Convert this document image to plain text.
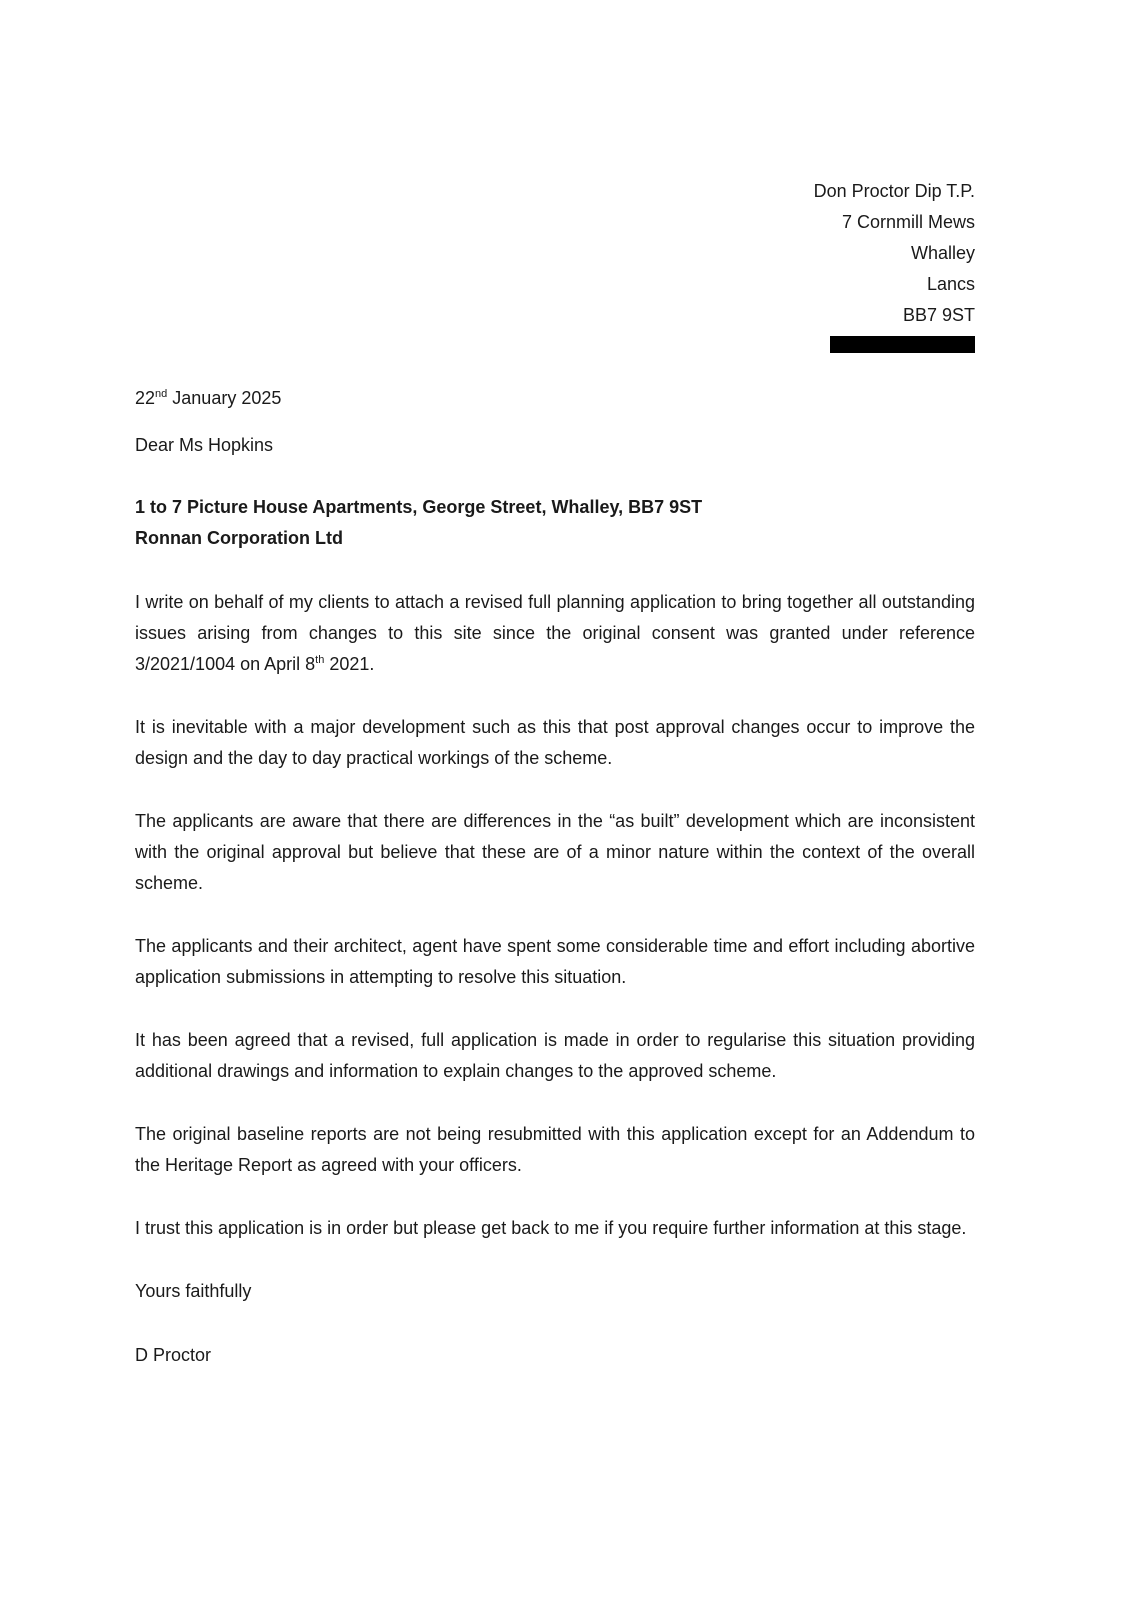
Don Proctor Dip T.P.
7 Cornmill Mews
Whalley
Lancs
BB7 9ST
22nd January 2025

Dear Ms Hopkins

1 to 7 Picture House Apartments, George Street, Whalley, BB7 9ST
Ronnan Corporation Ltd

I write on behalf of my clients to attach a revised full planning application to bring together all outstanding issues arising from changes to this site since the original consent was granted under reference 3/2021/1004 on April 8th 2021.

It is inevitable with a major development such as this that post approval changes occur to improve the design and the day to day practical workings of the scheme.

The applicants are aware that there are differences in the “as built” development which are inconsistent with the original approval but believe that these are of a minor nature within the context of the overall scheme.

The applicants and their architect, agent have spent some considerable time and effort including abortive application submissions in attempting to resolve this situation.

It has been agreed that a revised, full application is made in order to regularise this situation providing additional drawings and information to explain changes to the approved scheme.

The original baseline reports are not being resubmitted with this application except for an Addendum to the Heritage Report as agreed with your officers.

I trust this application is in order but please get back to me if you require further information at this stage.

Yours faithfully

D Proctor
